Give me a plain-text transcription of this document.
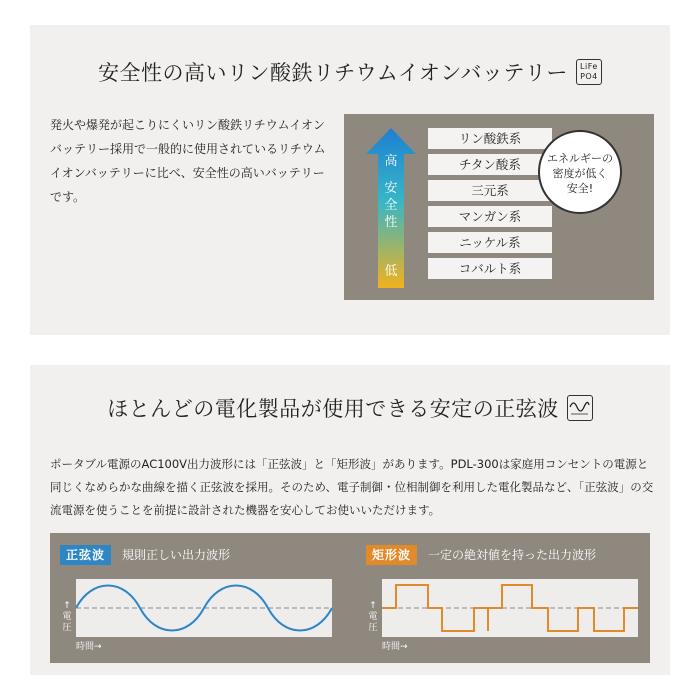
安全性の高いリン酸鉄リチウムイオンバッテリー LiFe
PO4

発火や爆発が起こりにくいリン酸鉄リチウムイオンバッテリー採用で一般的に使用されているリチウムイオンバッテリーに比べ、安全性の高いバッテリーです。

高
安全性
低
リン酸鉄系
チタン酸系
三元系
マンガン系
ニッケル系
コバルト系
エネルギーの
密度が低く
安全!
ほとんどの電化製品が使用できる安定の正弦波

ポータブル電源のAC100V出力波形には「正弦波」と「矩形波」があります。PDL-300は家庭用コンセントの電源と同じくなめらかな曲線を描く正弦波を採用。そのため、電子制御・位相制御を利用した電化製品など、「正弦波」の交流電源を使うことを前提に設計された機器を安心してお使いいただけます。

正弦波	規則正しい出力波形
↑電圧
時間→
矩形波	一定の絶対値を持った出力波形
↑電圧
時間→
